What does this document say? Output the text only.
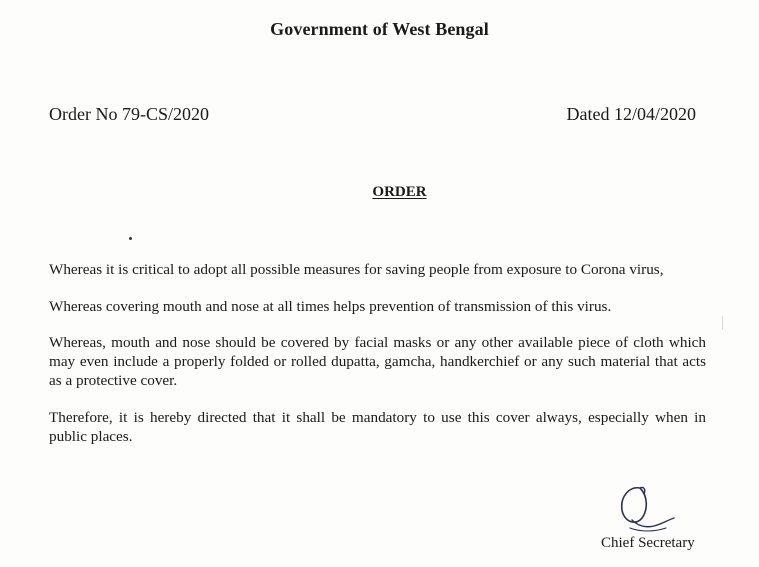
Government of West Bengal
Order No 79-CS/2020	Dated 12/04/2020
ORDER

Whereas it is critical to adopt all possible measures for saving people from exposure to Corona virus,

Whereas covering mouth and nose at all times helps prevention of transmission of this virus.

Whereas, mouth and nose should be covered by facial masks or any other available piece of cloth which may even include a properly folded or rolled dupatta, gamcha, handkerchief or any such material that acts as a protective cover.

Therefore, it is hereby directed that it shall be mandatory to use this cover always, especially when in public places.

Chief Secretary
